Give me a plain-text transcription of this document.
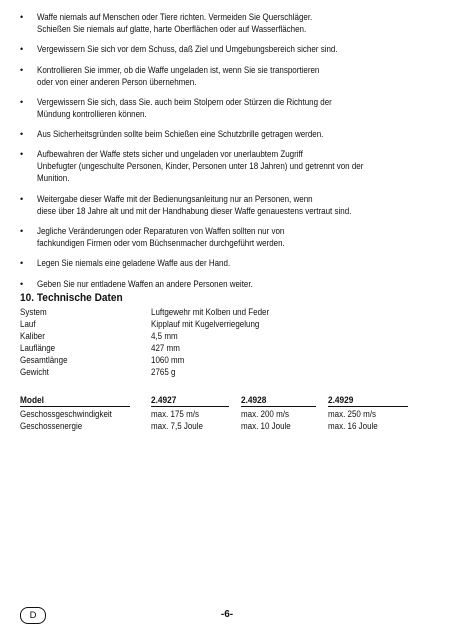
• Waffe niemals auf Menschen oder Tiere richten. Vermeiden Sie Querschläger.
Schießen Sie niemals auf glatte, harte Oberflächen oder auf Wasserflächen.
• Vergewissern Sie sich vor dem Schuss, daß Ziel und Umgebungsbereich sicher sind.
• Kontrollieren Sie immer, ob die Waffe ungeladen ist, wenn Sie sie transportieren
oder von einer anderen Person übernehmen.
• Vergewissern Sie sich, dass Sie. auch beim Stolpern oder Stürzen die Richtung der
Mündung kontrollieren können.
• Aus Sicherheitsgründen sollte beim Schießen eine Schutzbrille getragen werden.
• Aufbewahren der Waffe stets sicher und ungeladen vor unerlaubtem Zugriff
Unbefugter (ungeschulte Personen, Kinder, Personen unter 18 Jahren) und getrennt von der
Munition.
• Weitergabe dieser Waffe mit der Bedienungsanleitung nur an Personen, wenn
diese über 18 Jahre alt und mit der Handhabung dieser Waffe genauestens vertraut sind.
• Jegliche Veränderungen oder Reparaturen von Waffen sollten nur von
fachkundigen Firmen oder vom Büchsenmacher durchgeführt werden.
• Legen Sie niemals eine geladene Waffe aus der Hand.
• Geben Sie nur entladene Waffen an andere Personen weiter.
10. Technische Daten
System	Luftgewehr mit Kolben und Feder
Lauf	Kipplauf mit Kugelverriegelung
Kaliber	4,5 mm
Lauflänge	427 mm
Gesamtlänge	1060 mm
Gewicht	2765 g
Model	2.4927	2.4928	2.4929
Geschossgeschwindigkeit	max. 175 m/s	max. 200 m/s	max. 250 m/s
Geschossenergie	max. 7,5 Joule	max. 10 Joule	max. 16 Joule
D	-6-
